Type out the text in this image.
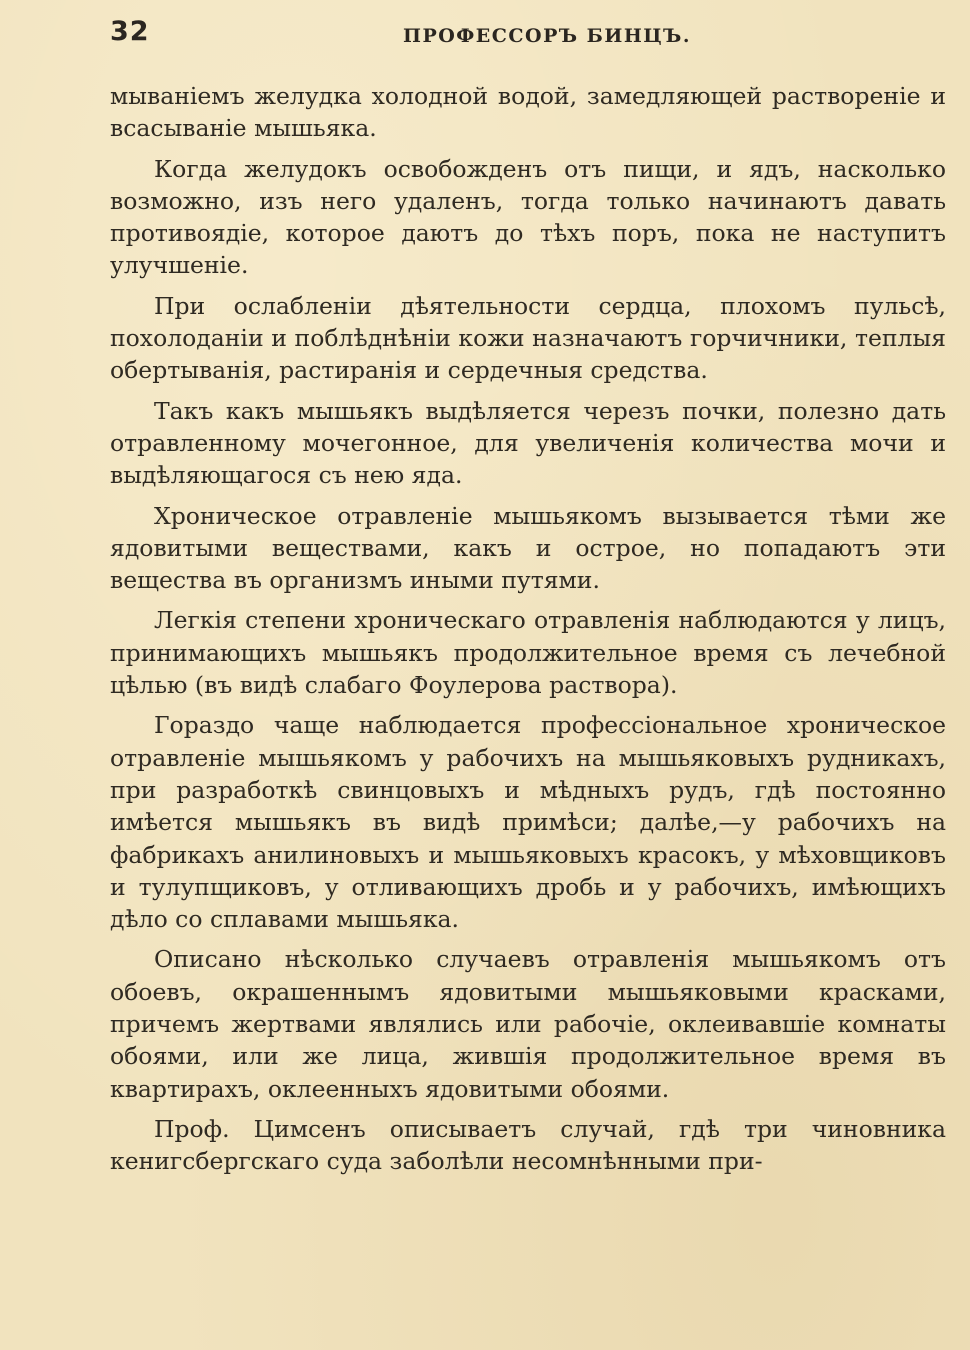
32	ПРОФЕССОРЪ БИНЦЪ.

мываніемъ желудка холодной водой, замедляющей раствореніе и всасываніе мышьяка.

Когда желудокъ освобожденъ отъ пищи, и ядъ, насколько возможно, изъ него удаленъ, тогда только начинаютъ давать противоядіе, которое даютъ до тѣхъ поръ, пока не наступитъ улучшеніе.

При ослабленіи дѣятельности сердца, плохомъ пульсѣ, похолоданіи и поблѣднѣніи кожи назначаютъ горчичники, теплыя обертыванія, растиранія и сердечныя средства.

Такъ какъ мышьякъ выдѣляется черезъ почки, полезно дать отравленному мочегонное, для увеличенія количества мочи и выдѣляющагося съ нею яда.

Хроническое отравленіе мышьякомъ вызывается тѣми же ядовитыми веществами, какъ и острое, но попадаютъ эти вещества въ организмъ иными путями.

Легкія степени хроническаго отравленія наблюдаются у лицъ, принимающихъ мышьякъ продолжительное время съ лечебной цѣлью (въ видѣ слабаго Фоулерова раствора).

Гораздо чаще наблюдается профессіональное хроническое отравленіе мышьякомъ у рабочихъ на мышьяковыхъ рудникахъ, при разработкѣ свинцовыхъ и мѣдныхъ рудъ, гдѣ постоянно имѣется мышьякъ въ видѣ примѣси; далѣе,—у рабочихъ на фабрикахъ анилиновыхъ и мышьяковыхъ красокъ, у мѣховщиковъ и тулупщиковъ, у отливающихъ дробь и у рабочихъ, имѣющихъ дѣло со сплавами мышьяка.

Описано нѣсколько случаевъ отравленія мышьякомъ отъ обоевъ, окрашеннымъ ядовитыми мышьяковыми красками, причемъ жертвами являлись или рабочіе, оклеивавшіе комнаты обоями, или же лица, жившія продолжительное время въ квартирахъ, оклеенныхъ ядовитыми обоями.

Проф. Цимсенъ описываетъ случай, гдѣ три чиновника кенигсбергскаго суда заболѣли несомнѣнными при-
